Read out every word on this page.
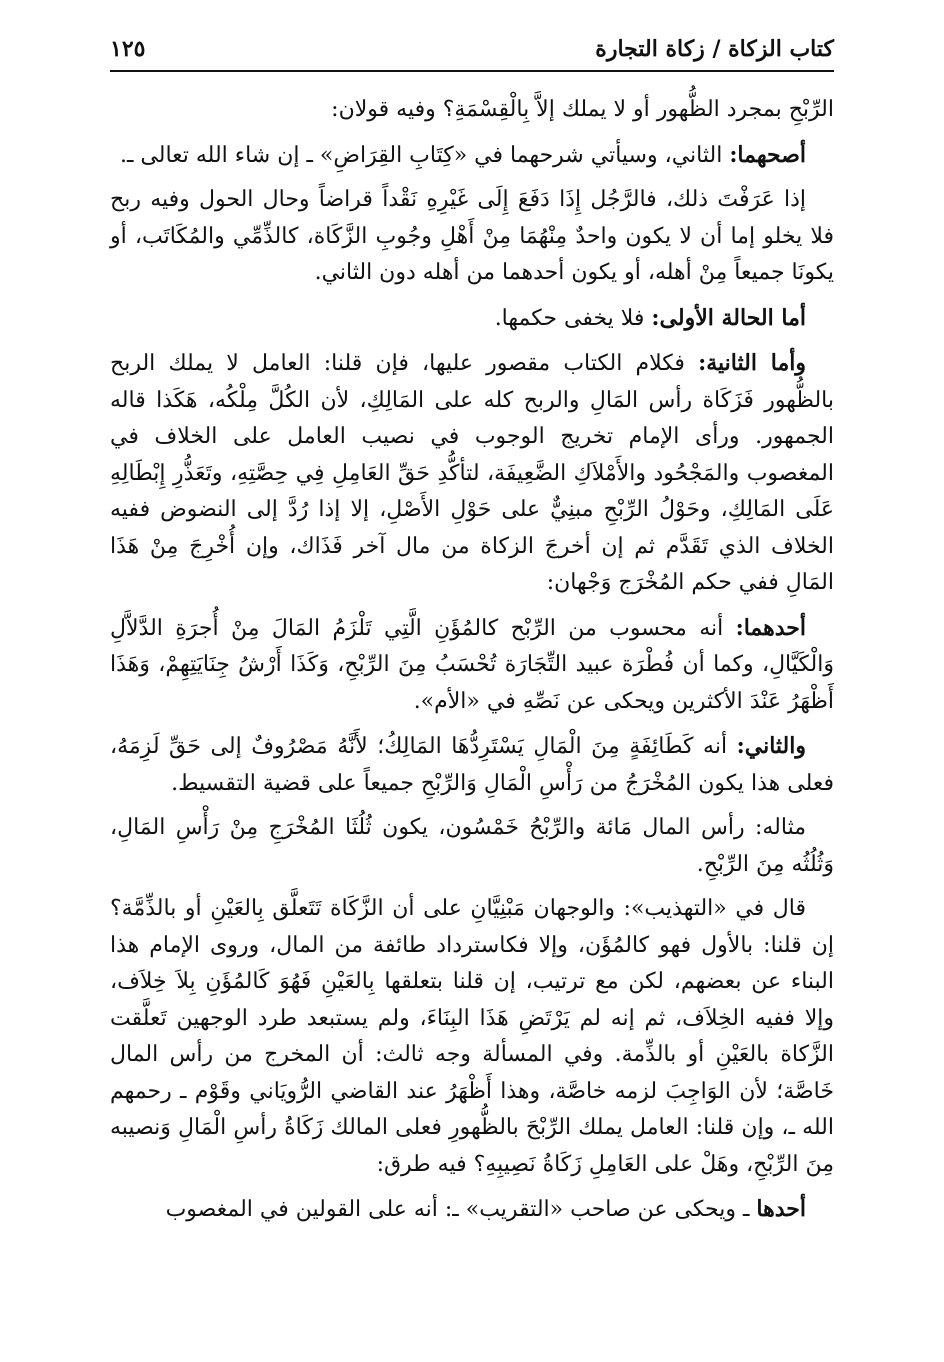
كتاب الزكاة / زكاة التجارة
١٢٥

الرِّبْحِ بمجرد الظُّهور أو لا يملك إلاَّ بِالْقِسْمَةِ؟ وفيه قولان:

أصحهما: الثاني، وسيأتي شرحهما في «كِتَابِ القِرَاضِ» ـ إن شاء الله تعالى ـ.

إذا عَرَفْتَ ذلك، فالرَّجُل إِذَا دَفَعَ إِلَى غَيْرِهِ نَقْداً قراضاً وحال الحول وفيه ربح فلا يخلو إما أن لا يكون واحدٌ مِنْهُمَا مِنْ أَهْلِ وجُوبِ الزَّكَاة، كالذِّمِّي والمُكَاتَب، أو يكونَا جميعاً مِنْ أهله، أو يكون أحدهما من أهله دون الثاني.

أما الحالة الأولى: فلا يخفى حكمها.

وأما الثانية: فكلام الكتاب مقصور عليها، فإن قلنا: العامل لا يملك الربح بالظُّهور فَزَكَاة رأس المَالِ والربح كله على المَالِكِ، لأن الكُلَّ مِلْكُه، هَكَذا قاله الجمهور. ورأى الإمام تخريج الوجوب في نصيب العامل على الخلاف في المغصوب والمَجْحُود والأَمْلاَكِ الضَّعِيفَة، لتأكُّدِ حَقِّ العَامِلِ فِي حِصَّتِهِ، وتَعَذُّرِ إِبْطَالِهِ عَلَى المَالِكِ، وحَوْلُ الرِّبْحِ مبنِيٌّ على حَوْلِ الأَصْلِ، إلا إذا رُدَّ إلى النضوض ففيه الخلاف الذي تَقَدَّم ثم إن أخرجَ الزكاة من مال آخر فَذَاك، وإن أُخْرِجَ مِنْ هَذَا المَالِ ففي حكم المُخْرَج وَجْهان:

أحدهما: أنه محسوب من الرِّبْح كالمُؤَنِ الَّتِي تَلْزَمُ المَالَ مِنْ أُجرَةِ الدَّلاَّلِ وَالْكَيَّالِ، وكما أن فُطْرَة عبيد التِّجَارَة تُحْسَبُ مِنَ الرِّبْحِ، وَكَذَا أَرْشُ جِنَايَتِهِمْ، وَهَذَا أَظْهَرُ عَنْدَ الأكثرين ويحكى عن نَصِّهِ في «الأم».

والثاني: أنه كَطَائِفَةٍ مِنَ الْمَالِ يَسْتَرِدُّهَا المَالِكُ؛ لأَنَّهُ مَصْرُوفٌ إلى حَقِّ لَزِمَهُ، فعلى هذا يكون المُخْرَجُ من رَأْسِ الْمَالِ وَالرِّبْحِ جميعاً على قضية التقسيط.

مثاله: رأس المال مَائة والرِّبْحُ خَمْسُون، يكون ثُلُثَا المُخْرَجِ مِنْ رَأْسِ المَالِ، وَثُلُثُه مِنَ الرِّبْحِ.

قال في «التهذيب»: والوجهان مَبْنِيَّانِ على أن الزَّكَاة تَتَعلَّق بِالعَيْنِ أو بالذِّمَّة؟ إن قلنا: بالأول فهو كالمُؤَن، وإلا فكاسترداد طائفة من المال، وروى الإمام هذا البناء عن بعضهم، لكن مع ترتيب، إن قلنا بتعلقها بِالعَيْنِ فَهُوَ كَالمُؤَنِ بِلاَ خِلاَف، وإلا ففيه الخِلاَف، ثم إنه لم يَرْتَضِ هَذَا البِنَاءَ، ولم يستبعد طرد الوجهين تَعلَّقت الزَّكاة بالعَيْنِ أو بالذِّمة. وفي المسألة وجه ثالث: أن المخرج من رأس المال خَاصَّة؛ لأن الوَاجِبَ لزمه خاصَّة، وهذا أَظْهَرُ عند القاضي الرُّويَاني وقَوْم ـ رحمهم الله ـ، وإن قلنا: العامل يملك الرِّبْحَ بالظُّهورِ فعلى المالك زَكَاةُ رأسِ الْمَالِ وَنصيبه مِنَ الرِّبْحِ، وهَلْ على العَامِلِ زَكَاةُ نَصِيبِهِ؟ فيه طرق:

أحدها ـ ويحكى عن صاحب «التقريب» ـ: أنه على القولين في المغصوب
